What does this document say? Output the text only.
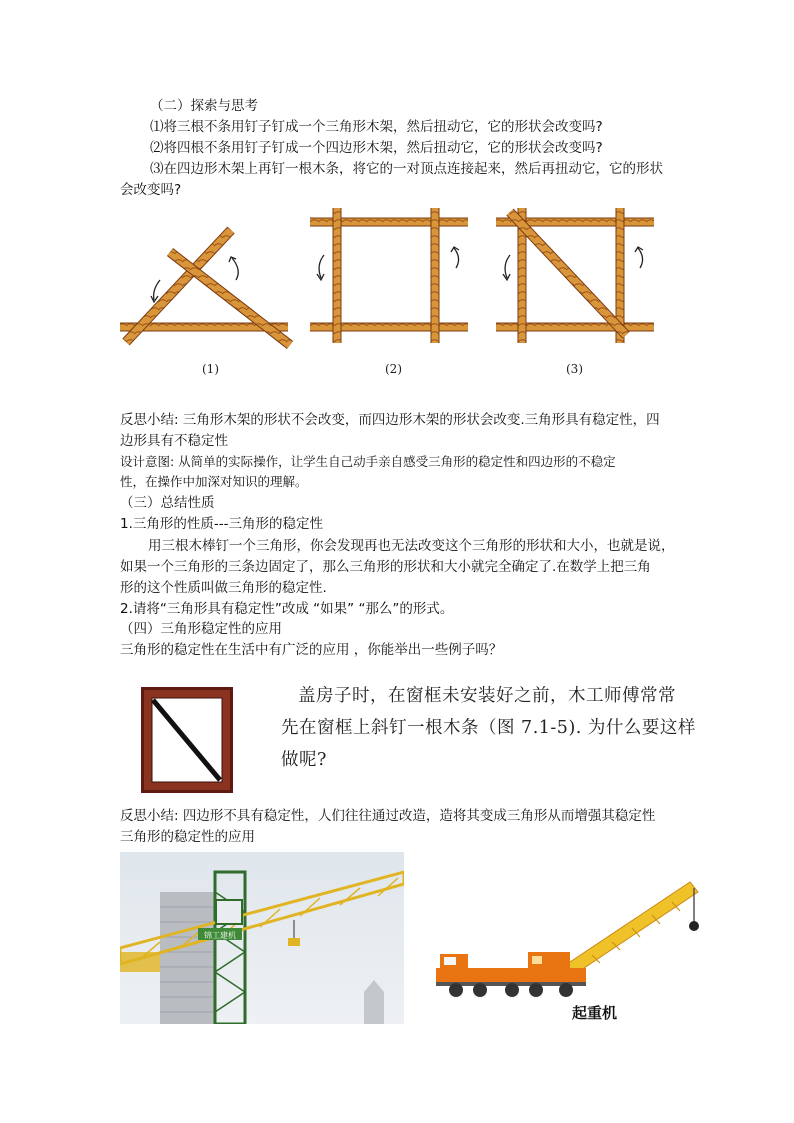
（二）探索与思考
⑴将三根不条用钉子钉成一个三角形木架，然后扭动它，它的形状会改变吗?
⑵将四根不条用钉子钉成一个四边形木架，然后扭动它，它的形状会改变吗?
⑶在四边形木架上再钉一根木条，将它的一对顶点连接起来，然后再扭动它，它的形状
会改变吗?
(1)	(2)	(3)
反思小结: 三角形木架的形状不会改变，而四边形木架的形状会改变.三角形具有稳定性，四
边形具有不稳定性
设计意图: 从简单的实际操作，让学生自己动手亲自感受三角形的稳定性和四边形的不稳定
性，在操作中加深对知识的理解。
（三）总结性质
1.三角形的性质---三角形的稳定性
用三根木棒钉一个三角形，你会发现再也无法改变这个三角形的形状和大小，也就是说，
如果一个三角形的三条边固定了，那么三角形的形状和大小就完全确定了.在数学上把三角
形的这个性质叫做三角形的稳定性.
2.请将“三角形具有稳定性”改成 “如果” “那么”的形式。
（四）三角形稳定性的应用
三角形的稳定性在生活中有广泛的应用 ，你能举出一些例子吗？
盖房子时，在窗框未安装好之前，木工师傅常常
先在窗框上斜钉一根木条（图 7.1-5). 为什么要这样
做呢?
反思小结: 四边形不具有稳定性，人们往往通过改造，造将其变成三角形从而增强其稳定性
三角形的稳定性的应用
锦工建机
起重机
